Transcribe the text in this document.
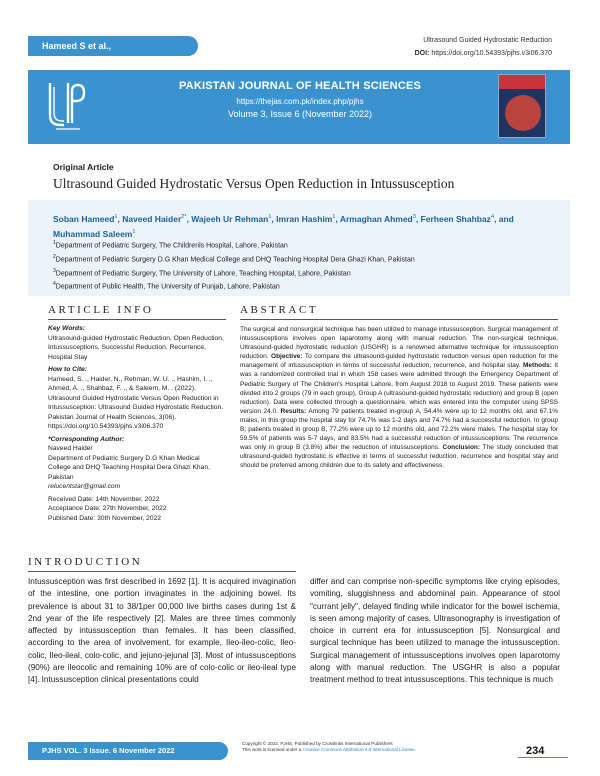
Hameed S et al.,
Ultrasound Guided Hydrostatic Reduction
DOI: https://doi.org/10.54393/pjhs.v3i06.370
PAKISTAN JOURNAL OF HEALTH SCIENCES
https://thejas.com.pk/index.php/pjhs
Volume 3, Issue 6 (November 2022)
Original Article
Ultrasound Guided Hydrostatic Versus Open Reduction in Intussusception
Soban Hameed$^1$, Naveed Haider$^{2*}$, Wajeeh Ur Rehman$^1$, Imran Hashim$^1$, Armaghan Ahmed$^3$, Ferheen Shahbaz$^4$, and Muhammad Saleem$^1$
$^1$Department of Pediatric Surgery, The Childrenls Hospital, Lahore, Pakistan
$^2$Department of Pediatric Surgery D.G Khan Medical College and DHQ Teaching Hospital Dera Ghazi Khan, Pakistan
$^3$Department of Pediatric Surgery, The University of Lahore, Teaching Hospital, Lahore, Pakistan
$^4$Department of Public Health, The University of Punjab, Lahore, Pakistan
ARTICLE INFO
Key Words:

Ultrasound-guided Hydrostatic Reduction, Open Reduction, Intussusceptions, Successful Reduction, Recurrence, Hospital Stay

How to Cite:

Hameed, S. ., Haider, N., Rehman, W. U. ., Hashim, I. ., Ahmed, A. ., Shahbaz, F. ., & Saleem, M. . (2022). Ultrasound Guided Hydrostatic Versus Open Reduction in Intussusception: Ultrasound Guided Hydrostatic Reduction. Pakistan Journal of Health Sciences, 3(06). https://doi.org/10.54393/pjhs.v3i06.370

*Corresponding Author:
Naveed Haider
Department of Pediatric Surgery D.G Khan Medical College and DHQ Teaching Hospital Dera Ghazi Khan, Pakistan

relucentstar@gmail.com

Received Date: 14th November, 2022
Acceptance Date: 27th November, 2022
Published Date: 30th November, 2022
ABSTRACT
The surgical and nonsurgical technique has been utilized to manage intussusception. Surgical management of intussusceptions involves open laparotomy along with manual reduction. The non-surgical technique, Ultrasound-guided hydrostatic reduction (USGHR) is a renowned alternative technique for intussusception reduction. Objective: To compare the ultrasound-guided hydrostatic reduction versus open reduction for the management of intussusception in terms of successful reduction, recurrence, and hospital stay. Methods: It was a randomized controlled trial in which 158 cases were admitted through the Emergency Department of Pediatric Surgery of The Children's Hospital Lahore, from August 2018 to August 2019. These patients were divided into 2 groups (79 in each group), Group A (ultrasound-guided hydrostatic reduction) and group B (open reduction). Data were collected through a questionnaire, which was entered into the computer using SPSS version 24.0. Results: Among 79 patients treated in-group A, 54.4% were up to 12 months old, and 67.1% males, in this group the hospital stay for 74.7% was 1-2 days and 74.7% had a successful reduction. In group B; patients treated in group B, 77.2% were up to 12 months old, and 72.2% were males. The hospital stay for 59.5% of patients was 5-7 days, and 83.5% had a successful reduction of intussusceptions. The recurrence was only in group B (3.8%) after the reduction of intussusceptions. Conclusion: The study concluded that ultrasound-guided hydrostatic is effective in terms of successful reduction, recurrence and hospital stay and should be preferred among children due to its safety and effectiveness.
INTRODUCTION
Intussusception was first described in 1692 [1]. It is acquired invagination of the intestine, one portion invaginates in the adjoining bowel. Its prevalence is about 31 to 38/1per 00,000 live births cases during 1st & 2nd year of the life respectively [2]. Males are three times commonly affected by intussusception than females. It has been classified, according to the area of involvement, for example, Ileo-ileo-colic, Ileo-colic, Ileo-ileal, colo-colic, and jejuno-jejunal [3]. Most of intussusceptions (90%) are ileocolic and remaining 10% are of colo-colic or ileo-ileal type [4]. Intussusception clinical presentations could
differ and can comprise non-specific symptoms like crying episodes, vomiting, sluggishness and abdominal pain. Appearance of stool "currant jelly", delayed finding while indicator for the bowel ischemia, is seen among majority of cases. Ultrasonography is investigation of choice in current era for intussusception [5]. Nonsurgical and surgical technique has been utilized to manage the intussusception. Surgical management of intussusceptions involves open laparotomy along with manual reduction. The USGHR is also a popular treatment method to treat intussusceptions. This technique is much
PJHS VOL. 3 Issue. 6 November 2022
Copyright © 2022. PJHS, Published by Crosslinks International Publishers
This work is licensed under a Creative Commons Attribution 4.0 International License.	234
